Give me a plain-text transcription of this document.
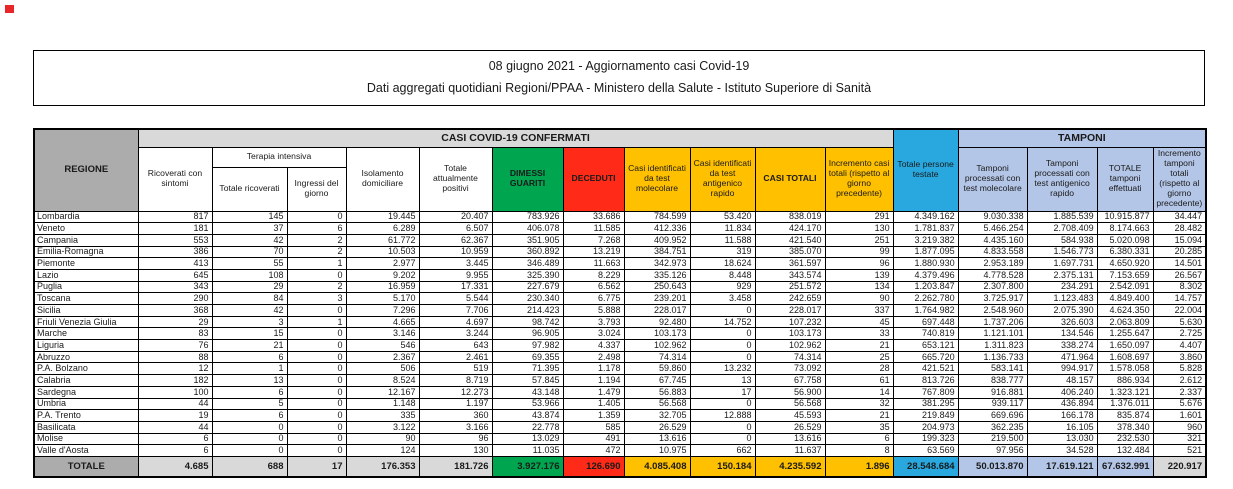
08 giugno 2021 - Aggiornamento casi Covid-19
Dati aggregati quotidiani Regioni/PPAA - Ministero della Salute - Istituto Superiore di Sanità
REGIONE	CASI COVID-19 CONFERMATI											Totale persone testate	TAMPONI			
	Ricoverati con sintomi	Terapia intensiva		Isolamento domiciliare	Totale attualmente positivi	DIMESSI GUARITI	DECEDUTI	Casi identificati da test molecolare	Casi identificati da test antigenico rapido	CASI TOTALI	Incremento casi totali (rispetto al giorno precedente)		Tamponi processati con test molecolare	Tamponi processati con test antigenico rapido	TOTALE tamponi effettuati	Incremento tamponi totali (rispetto al giorno precedente)
		Totale ricoverati	Ingressi del giorno													
Lombardia	817	145	0	19.445	20.407	783.926	33.686	784.599	53.420	838.019	291	4.349.162	9.030.338	1.885.539	10.915.877	34.447
Veneto	181	37	6	6.289	6.507	406.078	11.585	412.336	11.834	424.170	130	1.781.837	5.466.254	2.708.409	8.174.663	28.482
Campania	553	42	2	61.772	62.367	351.905	7.268	409.952	11.588	421.540	251	3.219.382	4.435.160	584.938	5.020.098	15.094
Emilia-Romagna	386	70	2	10.503	10.959	360.892	13.219	384.751	319	385.070	99	1.877.095	4.833.558	1.546.773	6.380.331	20.285
Piemonte	413	55	1	2.977	3.445	346.489	11.663	342.973	18.624	361.597	96	1.880.930	2.953.189	1.697.731	4.650.920	14.501
Lazio	645	108	0	9.202	9.955	325.390	8.229	335.126	8.448	343.574	139	4.379.496	4.778.528	2.375.131	7.153.659	26.567
Puglia	343	29	2	16.959	17.331	227.679	6.562	250.643	929	251.572	134	1.203.847	2.307.800	234.291	2.542.091	8.302
Toscana	290	84	3	5.170	5.544	230.340	6.775	239.201	3.458	242.659	90	2.262.780	3.725.917	1.123.483	4.849.400	14.757
Sicilia	368	42	0	7.296	7.706	214.423	5.888	228.017	0	228.017	337	1.764.982	2.548.960	2.075.390	4.624.350	22.004
Friuli Venezia Giulia	29	3	1	4.665	4.697	98.742	3.793	92.480	14.752	107.232	45	697.448	1.737.206	326.603	2.063.809	5.630
Marche	83	15	0	3.146	3.244	96.905	3.024	103.173	0	103.173	33	740.819	1.121.101	134.546	1.255.647	2.725
Liguria	76	21	0	546	643	97.982	4.337	102.962	0	102.962	21	653.121	1.311.823	338.274	1.650.097	4.407
Abruzzo	88	6	0	2.367	2.461	69.355	2.498	74.314	0	74.314	25	665.720	1.136.733	471.964	1.608.697	3.860
P.A. Bolzano	12	1	0	506	519	71.395	1.178	59.860	13.232	73.092	28	421.521	583.141	994.917	1.578.058	5.828
Calabria	182	13	0	8.524	8.719	57.845	1.194	67.745	13	67.758	61	813.726	838.777	48.157	886.934	2.612
Sardegna	100	6	0	12.167	12.273	43.148	1.479	56.883	17	56.900	14	767.809	916.881	406.240	1.323.121	2.337
Umbria	44	5	0	1.148	1.197	53.966	1.405	56.568	0	56.568	32	381.295	939.117	436.894	1.376.011	5.676
P.A. Trento	19	6	0	335	360	43.874	1.359	32.705	12.888	45.593	21	219.849	669.696	166.178	835.874	1.601
Basilicata	44	0	0	3.122	3.166	22.778	585	26.529	0	26.529	35	204.973	362.235	16.105	378.340	960
Molise	6	0	0	90	96	13.029	491	13.616	0	13.616	6	199.323	219.500	13.030	232.530	321
Valle d'Aosta	6	0	0	124	130	11.035	472	10.975	662	11.637	8	63.569	97.956	34.528	132.484	521
TOTALE	4.685	688	17	176.353	181.726	3.927.176	126.690	4.085.408	150.184	4.235.592	1.896	28.548.684	50.013.870	17.619.121	67.632.991	220.917
